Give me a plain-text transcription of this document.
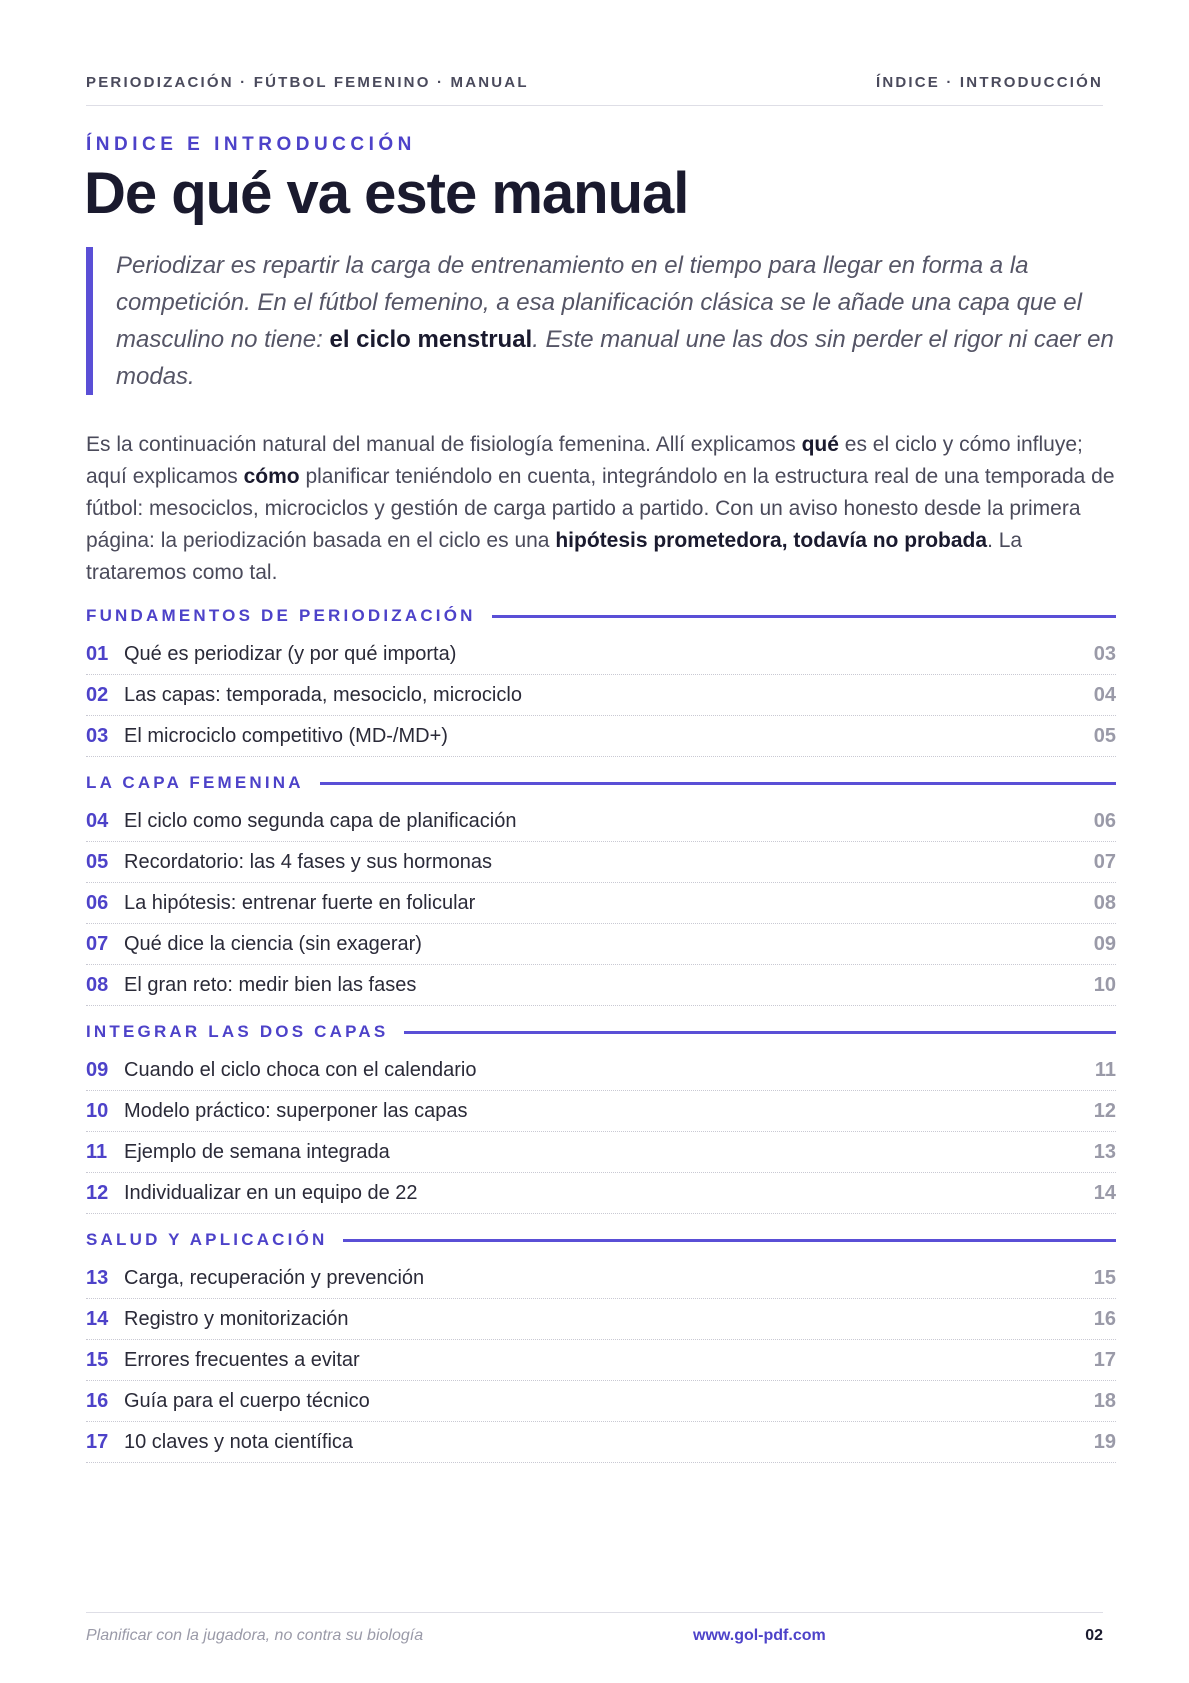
PERIODIZACIÓN · FÚTBOL FEMENINO · MANUAL	ÍNDICE · INTRODUCCIÓN
ÍNDICE E INTRODUCCIÓN
De qué va este manual
Periodizar es repartir la carga de entrenamiento en el tiempo para llegar en forma a la competición. En el fútbol femenino, a esa planificación clásica se le añade una capa que el masculino no tiene: el ciclo menstrual. Este manual une las dos sin perder el rigor ni caer en modas.
Es la continuación natural del manual de fisiología femenina. Allí explicamos qué es el ciclo y cómo influye; aquí explicamos cómo planificar teniéndolo en cuenta, integrándolo en la estructura real de una temporada de fútbol: mesociclos, microciclos y gestión de carga partido a partido. Con un aviso honesto desde la primera página: la periodización basada en el ciclo es una hipótesis prometedora, todavía no probada. La trataremos como tal.
FUNDAMENTOS DE PERIODIZACIÓN
01 Qué es periodizar (y por qué importa)	03
02 Las capas: temporada, mesociclo, microciclo	04
03 El microciclo competitivo (MD-/MD+)	05
LA CAPA FEMENINA
04 El ciclo como segunda capa de planificación	06
05 Recordatorio: las 4 fases y sus hormonas	07
06 La hipótesis: entrenar fuerte en folicular	08
07 Qué dice la ciencia (sin exagerar)	09
08 El gran reto: medir bien las fases	10
INTEGRAR LAS DOS CAPAS
09 Cuando el ciclo choca con el calendario	11
10 Modelo práctico: superponer las capas	12
11 Ejemplo de semana integrada	13
12 Individualizar en un equipo de 22	14
SALUD Y APLICACIÓN
13 Carga, recuperación y prevención	15
14 Registro y monitorización	16
15 Errores frecuentes a evitar	17
16 Guía para el cuerpo técnico	18
17 10 claves y nota científica	19
Planificar con la jugadora, no contra su biología	www.gol-pdf.com	02
